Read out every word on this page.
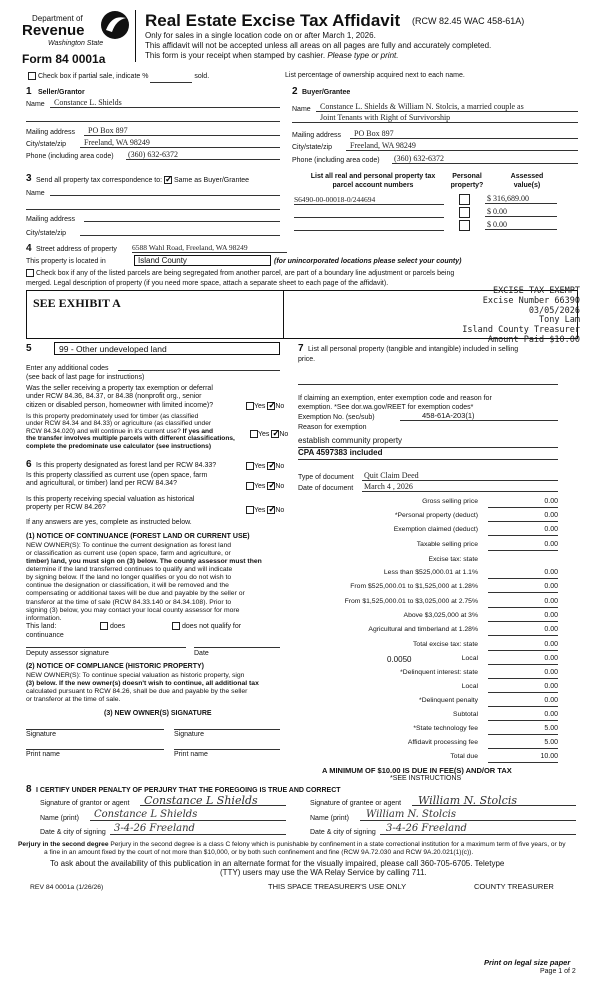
Department of
Revenue
Washington State
Form 84 0001a
Real Estate Excise Tax Affidavit (RCW 82.45 WAC 458-61A)
Only for sales in a single location code on or after March 1, 2026.
This affidavit will not be accepted unless all areas on all pages are fully and accurately completed.
This form is your receipt when stamped by cashier. Please type or print.
Check box if partial sale, indicate %	sold.	List percentage of ownership acquired next to each name.
1 Seller/Grantor
Name	Constance L. Shields
Mailing address	PO Box 897
City/state/zip	Freeland, WA 98249
Phone (including area code) (360) 632-6372
2 Buyer/Grantee
Name	Constance L. Shields & William N. Stolcis, a married couple as
Joint Tenants with Right of Survivorship
Mailing address	PO Box 897
City/state/zip	Freeland, WA 98249
Phone (including area code) (360) 632-6372
3 Send all property tax correspondence to: ✓ Same as Buyer/Grantee
Name
Mailing address
City/state/zip
List all real and personal property tax
parcel account numbers
Personal
property?
Assessed
value(s)
S6490-00-00018-0/244694	$ 316,689.00
$ 0.00
$ 0.00
4 Street address of property 6588 Wahl Road, Freeland, WA 98249
This property is located in	Island County	(for unincorporated locations please select your county)
Check box if any of the listed parcels are being segregated from another parcel, are part of a boundary line adjustment or parcels being
merged. Legal description of property (if you need more space, attach a separate sheet to each page of the affidavit).
SEE EXHIBIT A
EXCISE TAX EXEMPT
Excise Number 66390
03/05/2026
Tony Lam
Island County Treasurer
Amount Paid $10.00
5	99 - Other undeveloped land
Enter any additional codes
(see back of last page for instructions)
Was the seller receiving a property tax exemption or deferral
under RCW 84.36, 84.37, or 84.38 (nonprofit org., senior
citizen or disabled person, homeowner with limited income)?	Yes ✓ No
Is this property predominately used for timber (as classified
under RCW 84.34 and 84.33) or agriculture (as classified under
RCW 84.34.020) and will continue in it's current use? If yes and
the transfer involves multiple parcels with different classifications,
complete the predominate use calculator (see instructions)
Yes ✓ No
6 Is this property designated as forest land per RCW 84.33?	Yes ✓ No
Is this property classified as current use (open space, farm
and agricultural, or timber) land per RCW 84.34?	Yes ✓ No
Is this property receiving special valuation as historical
property per RCW 84.26?	Yes ✓ No
If any answers are yes, complete as instructed below.
(1) NOTICE OF CONTINUANCE (FOREST LAND OR CURRENT USE)
NEW OWNER(S): To continue the current designation as forest land
or classification as current use (open space, farm and agriculture, or
timber) land, you must sign on (3) below. The county assessor must then
determine if the land transferred continues to qualify and will indicate
by signing below. If the land no longer qualifies or you do not wish to
continue the designation or classification, it will be removed and the
compensating or additional taxes will be due and payable by the seller or
transferor at the time of sale (RCW 84.33.140 or 84.34.108). Prior to
signing (3) below, you may contact your local county assessor for more
information.
This land:	does	does not qualify for
continuance
Deputy assessor signature	Date
(2) NOTICE OF COMPLIANCE (HISTORIC PROPERTY)
NEW OWNER(S): To continue special valuation as historic property, sign
(3) below. If the new owner(s) doesn't wish to continue, all additional tax
calculated pursuant to RCW 84.26, shall be due and payable by the seller
or transferor at the time of sale.
(3) NEW OWNER(S) SIGNATURE
Signature	Signature
Print name	Print name
7 List all personal property (tangible and intangible) included in selling
price.
If claiming an exemption, enter exemption code and reason for
exemption. *See dor.wa.gov/REET for exemption codes*
Exemption No. (sec/sub)	458-61A-203(1)
Reason for exemption
establish community property
CPA 4597383 included
Type of document Quit Claim Deed
Date of document March 4 , 2026
Gross selling price	0.00
*Personal property (deduct)	0.00
Exemption claimed (deduct)	0.00
Taxable selling price	0.00
Excise tax: state
Less than $525,000.01 at 1.1%	0.00
From $525,000.01 to $1,525,000 at 1.28%	0.00
From $1,525,000.01 to $3,025,000 at 2.75%	0.00
Above $3,025,000 at 3%	0.00
Agricultural and timberland at 1.28%	0.00
Total excise tax: state	0.00
Local	0.00
*Delinquent interest: state	0.00
Local	0.00
*Delinquent penalty	0.00
Subtotal	0.00
*State technology fee	5.00
Affidavit processing fee	5.00
Total due	10.00
0.0050
A MINIMUM OF $10.00 IS DUE IN FEE(S) AND/OR TAX
*SEE INSTRUCTIONS
8 I CERTIFY UNDER PENALTY OF PERJURY THAT THE FOREGOING IS TRUE AND CORRECT
Signature of grantor or agent	Constance L Shields
Name (print)	Constance L Shields
Date & city of signing 3-4-26 Freeland
Signature of grantee or agent	William N. Stolcis
Name (print)	William N. Stolcis
Date & city of signing	3-4-26 Freeland
Perjury in the second degree Perjury in the second degree is a class C felony which is punishable by confinement in a state correctional institution for a maximum term of five years, or by
a fine in an amount fixed by the court of not more than $10,000, or by both such confinement and fine (RCW 9A.72.030 and RCW 9A.20.021(1)(c)).
To ask about the availability of this publication in an alternate format for the visually impaired, please call 360-705-6705. Teletype
(TTY) users may use the WA Relay Service by calling 711.
REV 84 0001a (1/26/26)	THIS SPACE TREASURER'S USE ONLY	COUNTY TREASURER
Print on legal size paper
Page 1 of 2
